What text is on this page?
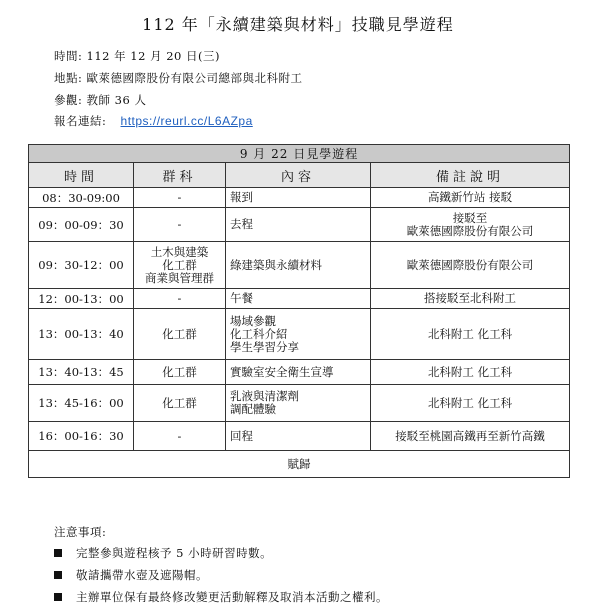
112 年「永續建築與材料」技職見學遊程
時間: 112 年 12 月 20 日(三)
地點: 歐萊德國際股份有限公司總部與北科附工
參觀: 教師 36 人
報名連結: https://reurl.cc/L6AZpa
9 月 22 日見學遊程			
時間	群科	內容	備註說明
08：30-09:00	-	報到	高鐵新竹站 接駁

09：00-09：30	-	去程	接駁至
歐萊德國際股份有限公司

09：30-12：00	土木與建築
化工群
商業與管理群	綠建築與永續材料	歐萊德國際股份有限公司

12：00-13：00	-	午餐	搭接駁至北科附工

13：00-13：40	化工群	場域參觀
化工科介紹
學生學習分享	北科附工 化工科

13：40-13：45	化工群	實驗室安全衛生宣導	北科附工 化工科

13：45-16：00	化工群	乳液與清潔劑
調配體驗	北科附工 化工科

16：00-16：30	-	回程	接駁至桃園高鐵再至新竹高鐵

賦歸			
注意事項:
完整參與遊程核予 5 小時研習時數。
敬請攜帶水壺及遮陽帽。
主辦單位保有最終修改變更活動解釋及取消本活動之權利。
